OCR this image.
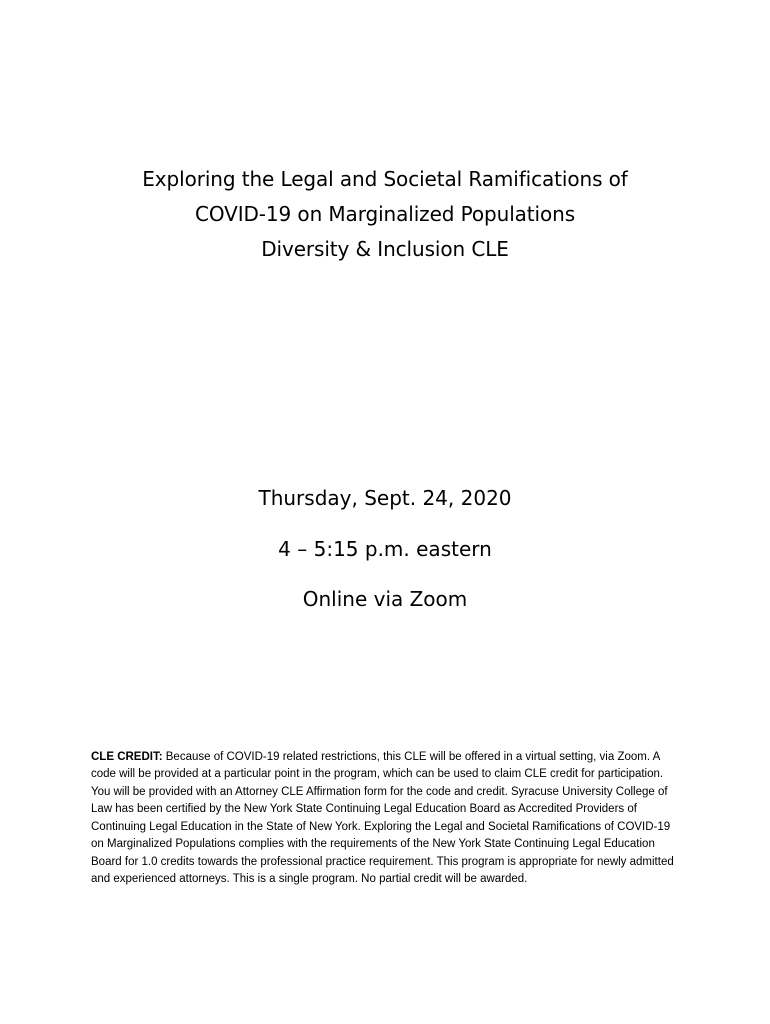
Exploring the Legal and Societal Ramifications of
COVID-19 on Marginalized Populations
Diversity & Inclusion CLE
Thursday, Sept. 24, 2020
4 – 5:15 p.m. eastern
Online via Zoom

CLE CREDIT: Because of COVID-19 related restrictions, this CLE will be offered in a virtual setting, via Zoom. A code will be provided at a particular point in the program, which can be used to claim CLE credit for participation. You will be provided with an Attorney CLE Affirmation form for the code and credit. Syracuse University College of Law has been certified by the New York State Continuing Legal Education Board as Accredited Providers of Continuing Legal Education in the State of New York. Exploring the Legal and Societal Ramifications of COVID-19 on Marginalized Populations complies with the requirements of the New York State Continuing Legal Education Board for 1.0 credits towards the professional practice requirement. This program is appropriate for newly admitted and experienced attorneys. This is a single program. No partial credit will be awarded.
